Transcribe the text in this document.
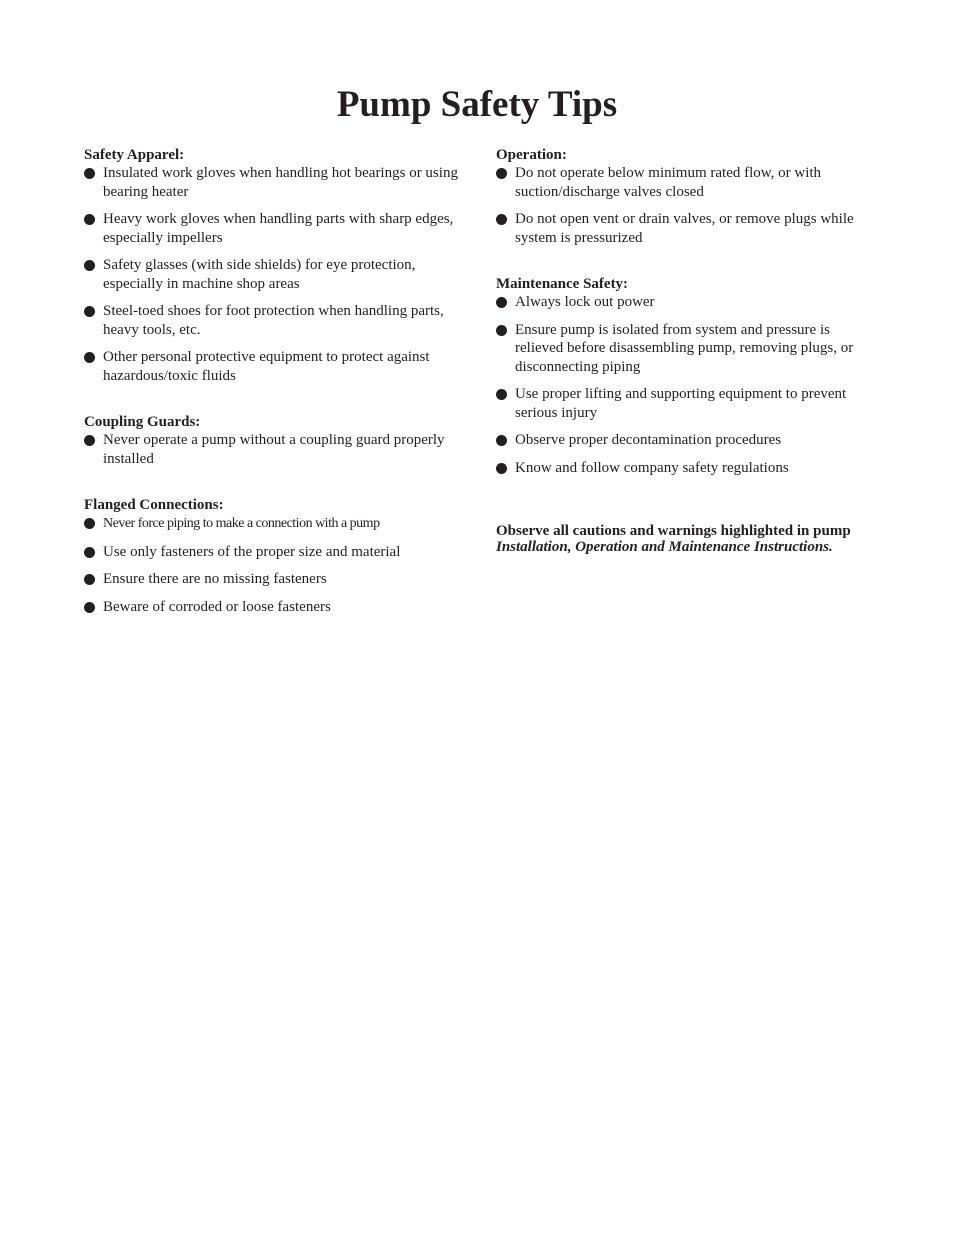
Pump Safety Tips

Safety Apparel:

Insulated work gloves when handling hot bearings or using bearing heater
Heavy work gloves when handling parts with sharp edges, especially impellers
Safety glasses (with side shields) for eye protection, especially in machine shop areas
Steel-toed shoes for foot protection when handling parts, heavy tools, etc.
Other personal protective equipment to protect against hazardous/toxic fluids

Coupling Guards:

Never operate a pump without a coupling guard properly installed

Flanged Connections:

Never force piping to make a connection with a pump
Use only fasteners of the proper size and material
Ensure there are no missing fasteners
Beware of corroded or loose fasteners

Operation:

Do not operate below minimum rated flow, or with suction/discharge valves closed
Do not open vent or drain valves, or remove plugs while system is pressurized

Maintenance Safety:

Always lock out power
Ensure pump is isolated from system and pressure is relieved before disassembling pump, removing plugs, or disconnecting piping
Use proper lifting and supporting equipment to prevent serious injury
Observe proper decontamination procedures
Know and follow company safety regulations
Observe all cautions and warnings highlighted in pump
Installation, Operation and Maintenance Instructions.
